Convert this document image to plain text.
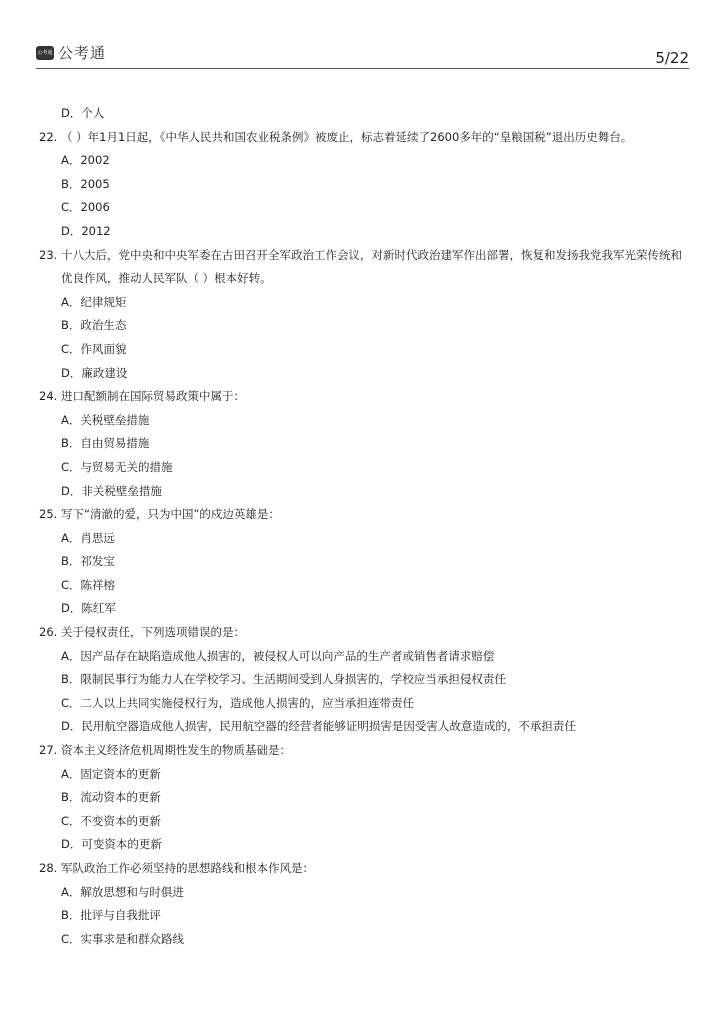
公考通 公考通	5/22
D．个人
22. （ ）年1月1日起，《中华人民共和国农业税条例》被废止，标志着延续了2600多年的“皇粮国税”退出历史舞台。
A．2002
B．2005
C．2006
D．2012
23. 十八大后，党中央和中央军委在古田召开全军政治工作会议，对新时代政治建军作出部署，恢复和发扬我党我军光荣传统和优良作风，推动人民军队（ ）根本好转。
A．纪律规矩
B．政治生态
C．作风面貌
D．廉政建设
24. 进口配额制在国际贸易政策中属于：
A．关税壁垒措施
B．自由贸易措施
C．与贸易无关的措施
D．非关税壁垒措施
25. 写下“清澈的爱，只为中国”的戍边英雄是：
A．肖思远
B．祁发宝
C．陈祥榕
D．陈红军
26. 关于侵权责任，下列选项错误的是：
A．因产品存在缺陷造成他人损害的，被侵权人可以向产品的生产者或销售者请求赔偿
B．限制民事行为能力人在学校学习、生活期间受到人身损害的，学校应当承担侵权责任
C．二人以上共同实施侵权行为，造成他人损害的，应当承担连带责任
D．民用航空器造成他人损害，民用航空器的经营者能够证明损害是因受害人故意造成的，不承担责任
27. 资本主义经济危机周期性发生的物质基础是：
A．固定资本的更新
B．流动资本的更新
C．不变资本的更新
D．可变资本的更新
28. 军队政治工作必须坚持的思想路线和根本作风是：
A．解放思想和与时俱进
B．批评与自我批评
C．实事求是和群众路线
